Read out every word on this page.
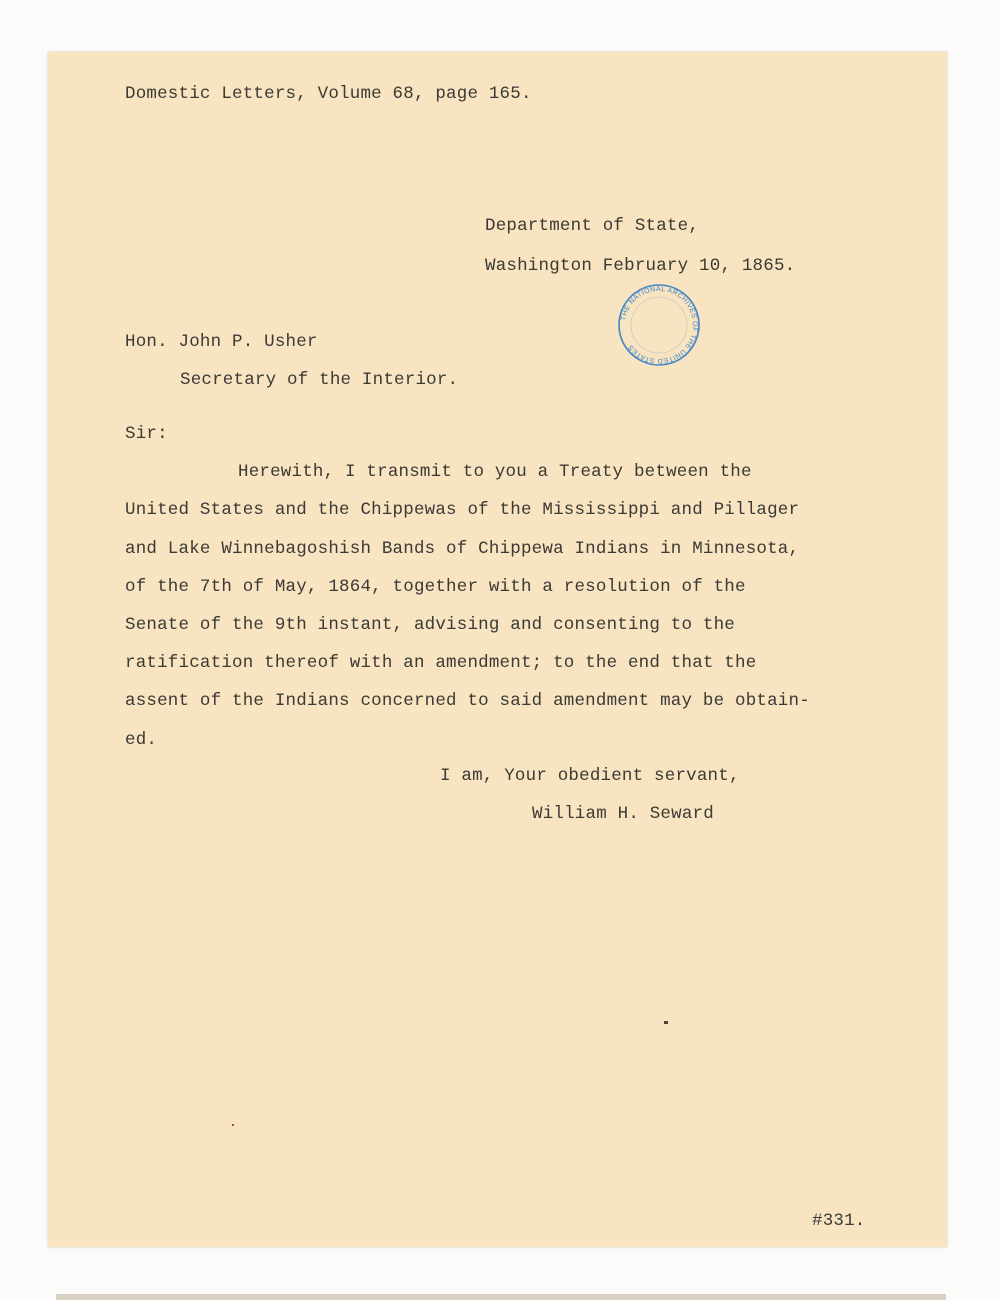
Domestic Letters, Volume 68, page 165.

Department of State,

Washington February 10, 1865.

Hon. John P. Usher

Secretary of the Interior.

THE NATIONAL ARCHIVES OF THE UNITED STATES

Sir:

Herewith, I transmit to you a Treaty between the

United States and the Chippewas of the Mississippi and Pillager

and Lake Winnebagoshish Bands of Chippewa Indians in Minnesota,

of the 7th of May, 1864, together with a resolution of the

Senate of the 9th instant, advising and consenting to the

ratification thereof with an amendment; to the end that the

assent of the Indians concerned to said amendment may be obtain-

ed.

I am, Your obedient servant,

William H. Seward

#331.
